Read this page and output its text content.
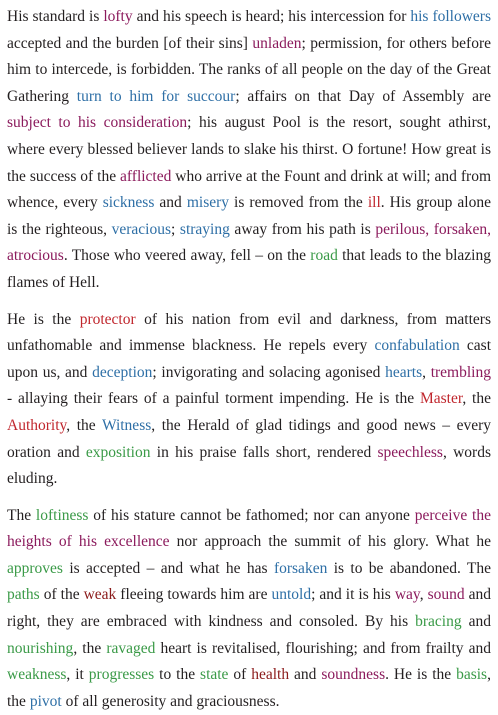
His standard is lofty and his speech is heard; his intercession for his followers accepted and the burden [of their sins] unladen; permission, for others before him to intercede, is forbidden. The ranks of all people on the day of the Great Gathering turn to him for succour; affairs on that Day of Assembly are subject to his consideration; his august Pool is the resort, sought athirst, where every blessed believer lands to slake his thirst. O fortune! How great is the success of the afflicted who arrive at the Fount and drink at will; and from whence, every sickness and misery is removed from the ill. His group alone is the righteous, veracious; straying away from his path is perilous, forsaken, atrocious. Those who veered away, fell – on the road that leads to the blazing flames of Hell.

He is the protector of his nation from evil and darkness, from matters unfathomable and immense blackness. He repels every confabulation cast upon us, and deception; invigorating and solacing agonised hearts, trembling - allaying their fears of a painful torment impending. He is the Master, the Authority, the Witness, the Herald of glad tidings and good news – every oration and exposition in his praise falls short, rendered speechless, words eluding.

The loftiness of his stature cannot be fathomed; nor can anyone perceive the heights of his excellence nor approach the summit of his glory. What he approves is accepted – and what he has forsaken is to be abandoned. The paths of the weak fleeing towards him are untold; and it is his way, sound and right, they are embraced with kindness and consoled. By his bracing and nourishing, the ravaged heart is revitalised, flourishing; and from frailty and weakness, it progresses to the state of health and soundness. He is the basis, the pivot of all generosity and graciousness.
